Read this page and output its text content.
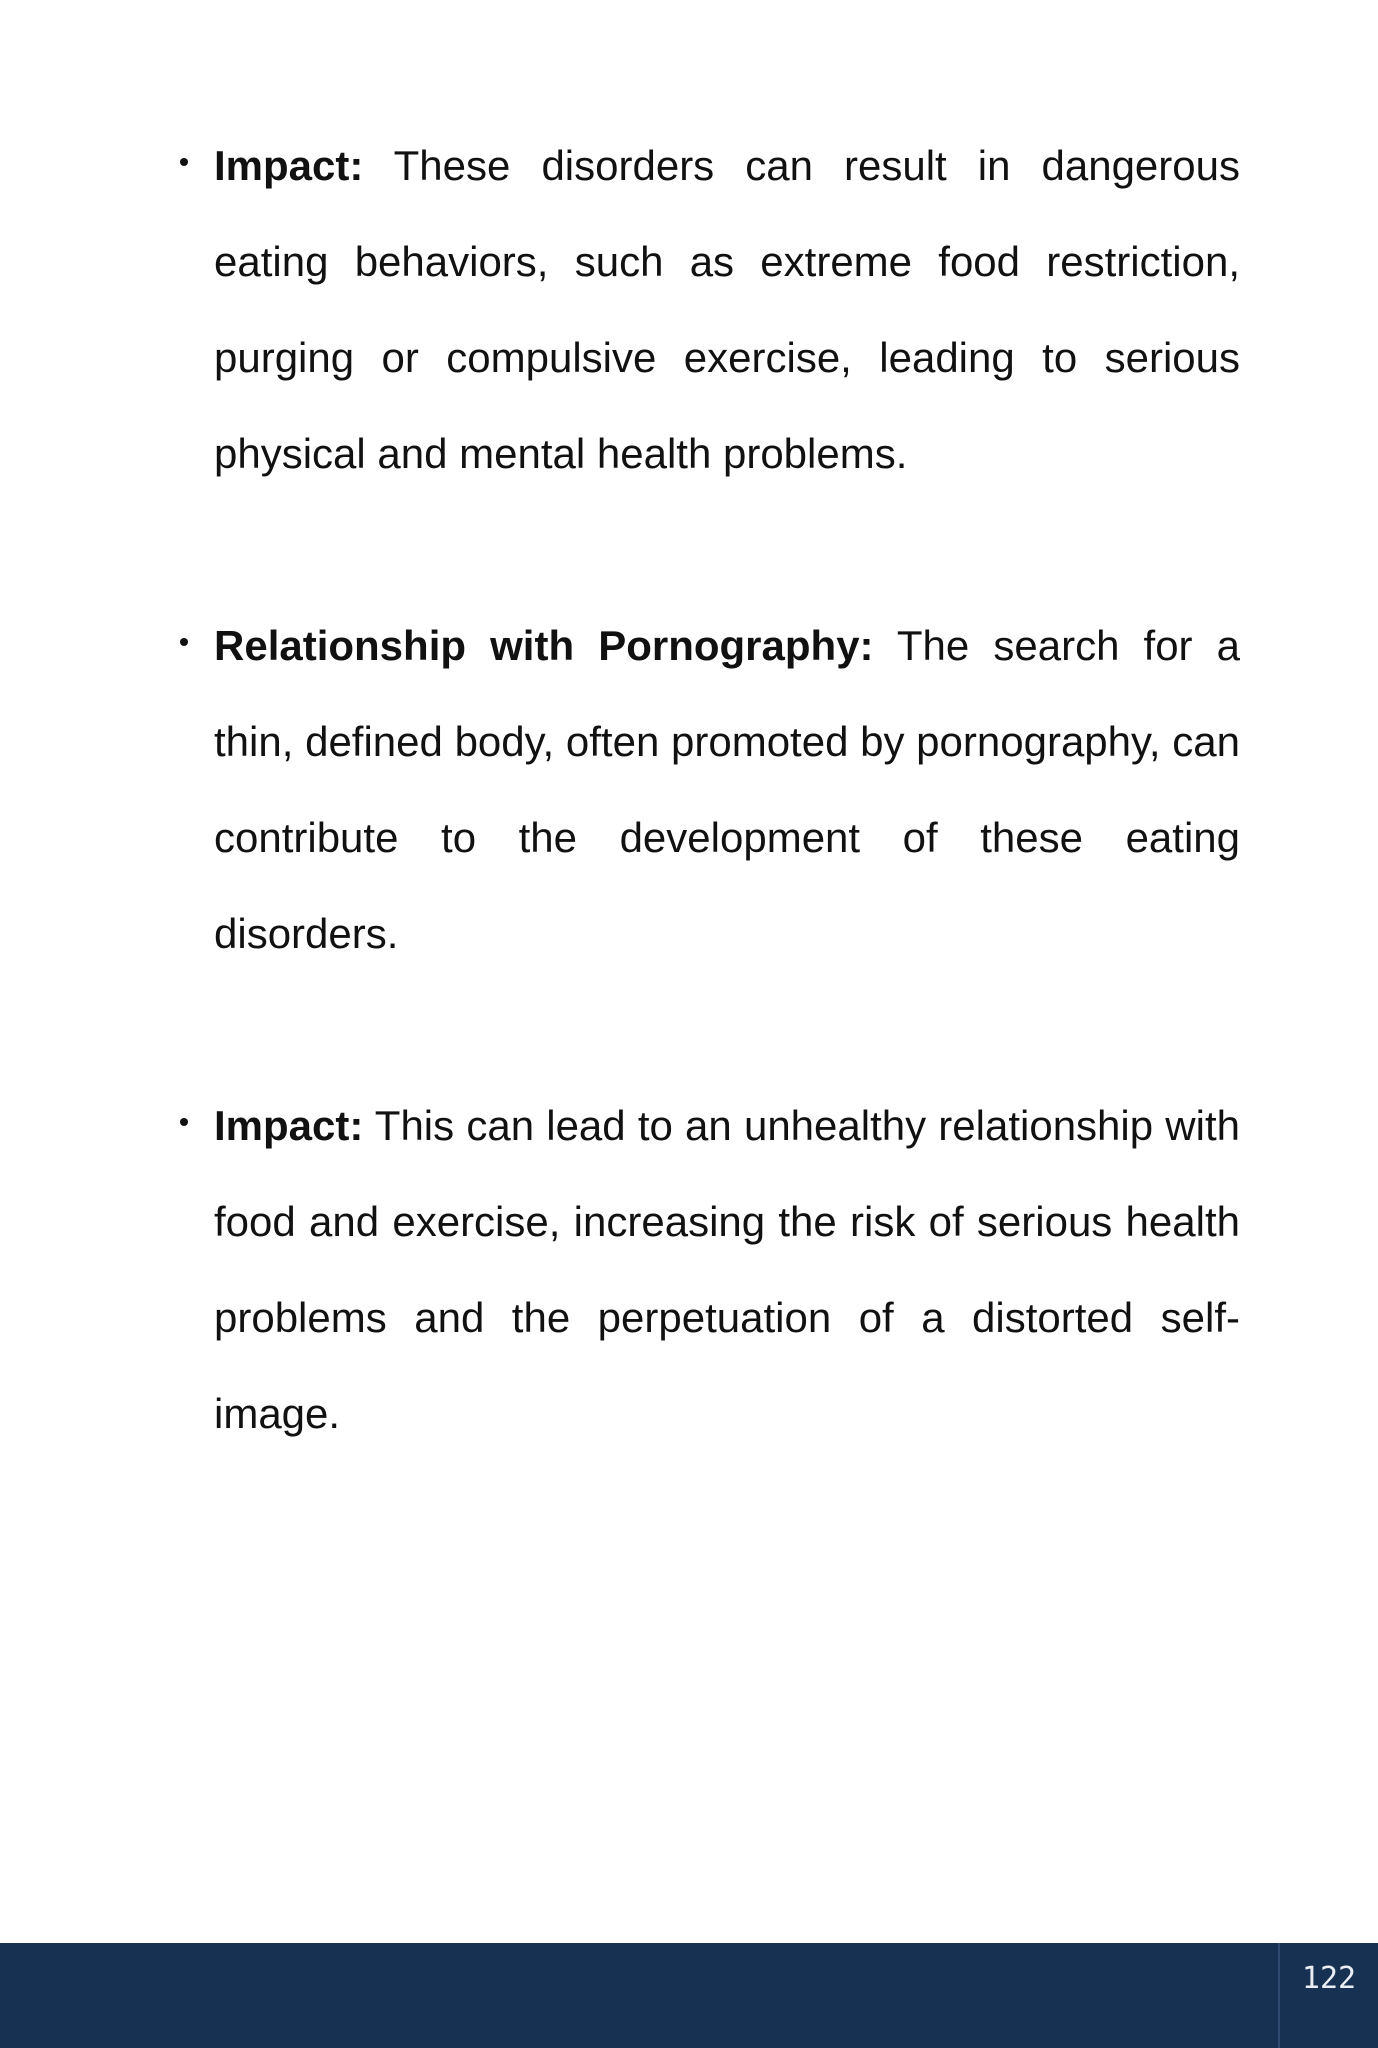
Impact: These disorders can result in dangerous eating behaviors, such as extreme food restriction, purging or compulsive exercise, leading to serious physical and mental health problems.

Relationship with Pornography: The search for a thin, defined body, often promoted by pornography, can contribute to the development of these eating disorders.

Impact: This can lead to an unhealthy relationship with food and exercise, increasing the risk of serious health problems and the perpetuation of a distorted self-image.

122
